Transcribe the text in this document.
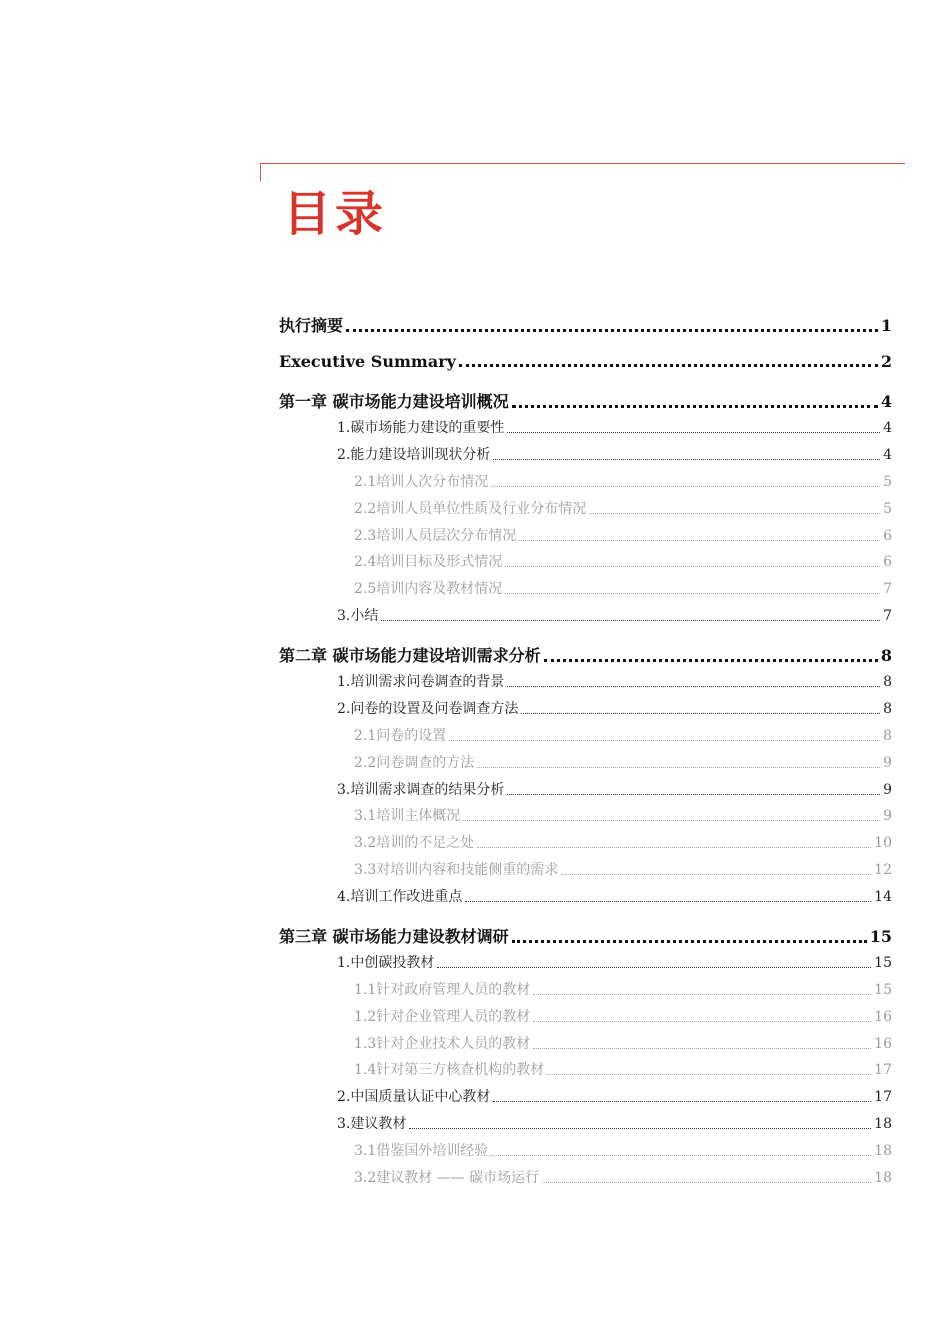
目录
执行摘要	1
Executive Summary	2
第一章 碳市场能力建设培训概况	4
1.碳市场能力建设的重要性	4
2.能力建设培训现状分析	4
2.1培训人次分布情况	5
2.2培训人员单位性质及行业分布情况	5
2.3培训人员层次分布情况	6
2.4培训目标及形式情况	6
2.5培训内容及教材情况	7
3.小结	7
第二章 碳市场能力建设培训需求分析	8
1.培训需求问卷调查的背景	8
2.问卷的设置及问卷调查方法	8
2.1问卷的设置	8
2.2问卷调查的方法	9
3.培训需求调查的结果分析	9
3.1培训主体概况	9
3.2培训的不足之处	10
3.3对培训内容和技能侧重的需求	12
4.培训工作改进重点	14
第三章 碳市场能力建设教材调研	15
1.中创碳投教材	15
1.1针对政府管理人员的教材	15
1.2针对企业管理人员的教材	16
1.3针对企业技术人员的教材	16
1.4针对第三方核查机构的教材	17
2.中国质量认证中心教材	17
3.建议教材	18
3.1借鉴国外培训经验	18
3.2建议教材 —— 碳市场运行	18
